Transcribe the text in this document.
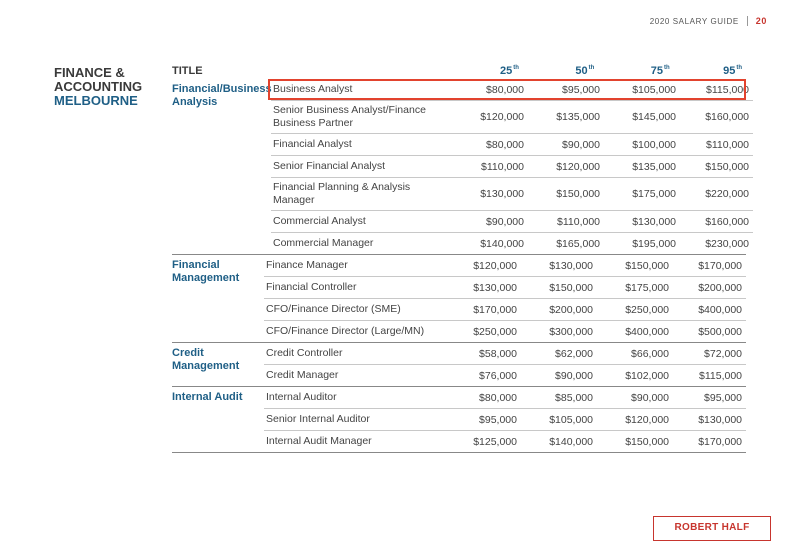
2020 SALARY GUIDE 20
FINANCE &
ACCOUNTING
MELBOURNE
TITLE	25th	50th	75th	95th
Financial/Business Analysis
Business Analyst	$80,000	$95,000	$105,000	$115,000
Senior Business Analyst/Finance Business Partner	$120,000	$135,000	$145,000	$160,000
Financial Analyst	$80,000	$90,000	$100,000	$110,000
Senior Financial Analyst	$110,000	$120,000	$135,000	$150,000
Financial Planning & Analysis Manager	$130,000	$150,000	$175,000	$220,000
Commercial Analyst	$90,000	$110,000	$130,000	$160,000
Commercial Manager	$140,000	$165,000	$195,000	$230,000
Financial Management
Finance Manager	$120,000	$130,000	$150,000	$170,000
Financial Controller	$130,000	$150,000	$175,000	$200,000
CFO/Finance Director (SME)	$170,000	$200,000	$250,000	$400,000
CFO/Finance Director (Large/MN)	$250,000	$300,000	$400,000	$500,000
Credit Management
Credit Controller	$58,000	$62,000	$66,000	$72,000
Credit Manager	$76,000	$90,000	$102,000	$115,000
Internal Audit	Internal Auditor	$80,000	$85,000	$90,000	$95,000
Senior Internal Auditor	$95,000	$105,000	$120,000	$130,000
Internal Audit Manager	$125,000	$140,000	$150,000	$170,000
ROBERT HALF
